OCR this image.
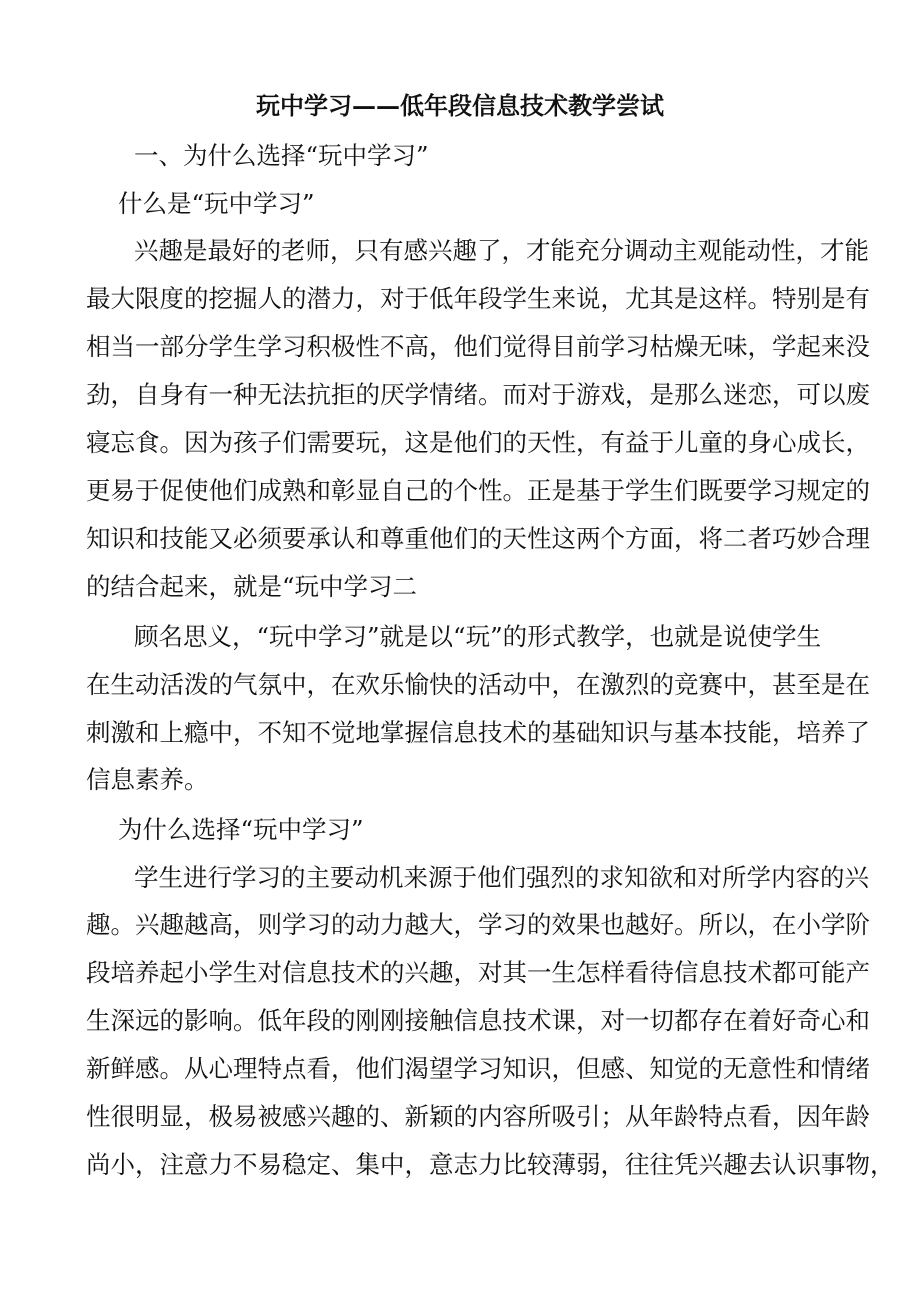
玩中学习——低年段信息技术教学尝试
一、为什么选择“玩中学习”
什么是“玩中学习”
兴趣是最好的老师，只有感兴趣了，才能充分调动主观能动性，才能
最大限度的挖掘人的潜力，对于低年段学生来说，尤其是这样。特别是有
相当一部分学生学习积极性不高，他们觉得目前学习枯燥无味，学起来没
劲，自身有一种无法抗拒的厌学情绪。而对于游戏，是那么迷恋，可以废
寝忘食。因为孩子们需要玩，这是他们的天性，有益于儿童的身心成长，
更易于促使他们成熟和彰显自己的个性。正是基于学生们既要学习规定的
知识和技能又必须要承认和尊重他们的天性这两个方面，将二者巧妙合理
的结合起来，就是“玩中学习二
顾名思义，“玩中学习”就是以“玩”的形式教学，也就是说使学生
在生动活泼的气氛中，在欢乐愉快的活动中，在激烈的竞赛中，甚至是在
刺激和上瘾中，不知不觉地掌握信息技术的基础知识与基本技能，培养了
信息素养。
为什么选择“玩中学习”
学生进行学习的主要动机来源于他们强烈的求知欲和对所学内容的兴
趣。兴趣越高，则学习的动力越大，学习的效果也越好。所以，在小学阶
段培养起小学生对信息技术的兴趣，对其一生怎样看待信息技术都可能产
生深远的影响。低年段的刚刚接触信息技术课，对一切都存在着好奇心和
新鲜感。从心理特点看，他们渴望学习知识，但感、知觉的无意性和情绪
性很明显，极易被感兴趣的、新颖的内容所吸引；从年龄特点看，因年龄
尚小，注意力不易稳定、集中，意志力比较薄弱，往往凭兴趣去认识事物，
